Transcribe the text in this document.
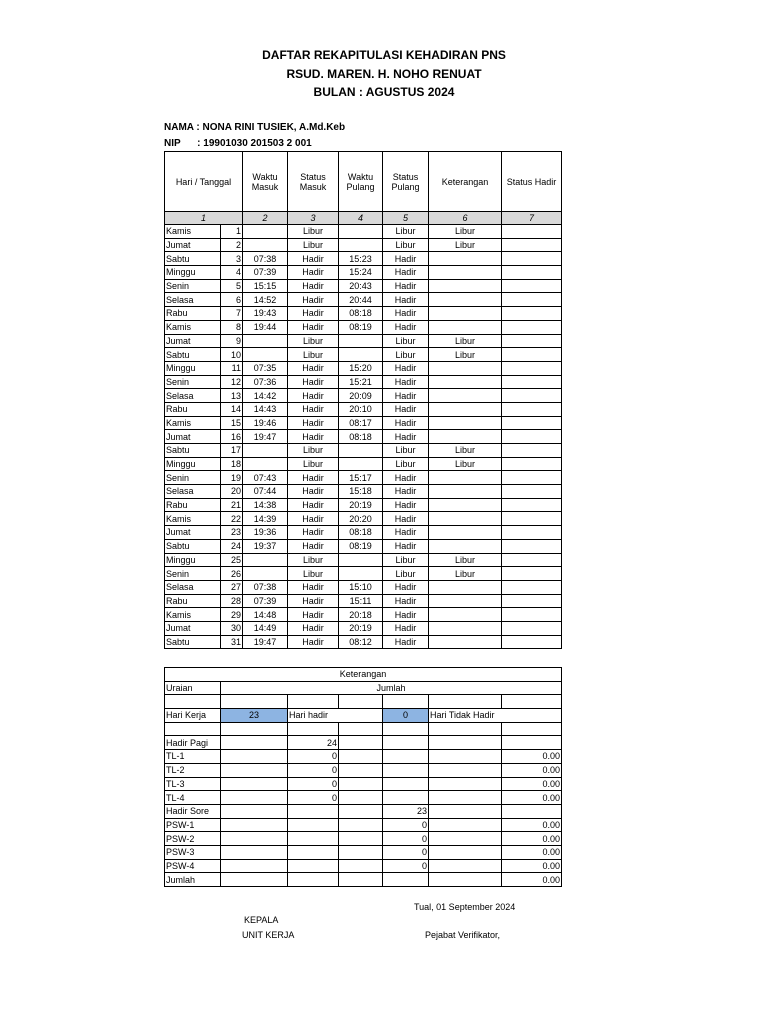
DAFTAR REKAPITULASI KEHADIRAN PNS
RSUD. MAREN. H. NOHO RENUAT
BULAN : AGUSTUS 2024
NAMA : NONA RINI TUSIEK, A.Md.Keb
NIP      : 19901030 201503 2 001
Hari / Tanggal		Waktu Masuk	Status Masuk	Waktu Pulang	Status Pulang	Keterangan	Status Hadir
1		2	3	4	5	6	7
Kamis	1		Libur		Libur	Libur	
Jumat	2		Libur		Libur	Libur	
Sabtu	3	07:38	Hadir	15:23	Hadir		
Minggu	4	07:39	Hadir	15:24	Hadir		
Senin	5	15:15	Hadir	20:43	Hadir		
Selasa	6	14:52	Hadir	20:44	Hadir		
Rabu	7	19:43	Hadir	08:18	Hadir		
Kamis	8	19:44	Hadir	08:19	Hadir		
Jumat	9		Libur		Libur	Libur	
Sabtu	10		Libur		Libur	Libur	
Minggu	11	07:35	Hadir	15:20	Hadir		
Senin	12	07:36	Hadir	15:21	Hadir		
Selasa	13	14:42	Hadir	20:09	Hadir		
Rabu	14	14:43	Hadir	20:10	Hadir		
Kamis	15	19:46	Hadir	08:17	Hadir		
Jumat	16	19:47	Hadir	08:18	Hadir		
Sabtu	17		Libur		Libur	Libur	
Minggu	18		Libur		Libur	Libur	
Senin	19	07:43	Hadir	15:17	Hadir		
Selasa	20	07:44	Hadir	15:18	Hadir		
Rabu	21	14:38	Hadir	20:19	Hadir		
Kamis	22	14:39	Hadir	20:20	Hadir		
Jumat	23	19:36	Hadir	08:18	Hadir		
Sabtu	24	19:37	Hadir	08:19	Hadir		
Minggu	25		Libur		Libur	Libur	
Senin	26		Libur		Libur	Libur	
Selasa	27	07:38	Hadir	15:10	Hadir		
Rabu	28	07:39	Hadir	15:11	Hadir		
Kamis	29	14:48	Hadir	20:18	Hadir		
Jumat	30	14:49	Hadir	20:19	Hadir		
Sabtu	31	19:47	Hadir	08:12	Hadir		
Keterangan						
Uraian	Jumlah					

Hari Kerja	23	Hari hadir		0	Hari Tidak Hadir	

Hadir Pagi		24				
TL-1		0				0.00
TL-2		0				0.00
TL-3		0				0.00
TL-4		0				0.00
Hadir Sore				23		
PSW-1				0		0.00
PSW-2				0		0.00
PSW-3				0		0.00
PSW-4				0		0.00
Jumlah						0.00
Tual, 01 September 2024
KEPALA
UNIT KERJA	Pejabat Verifikator,
